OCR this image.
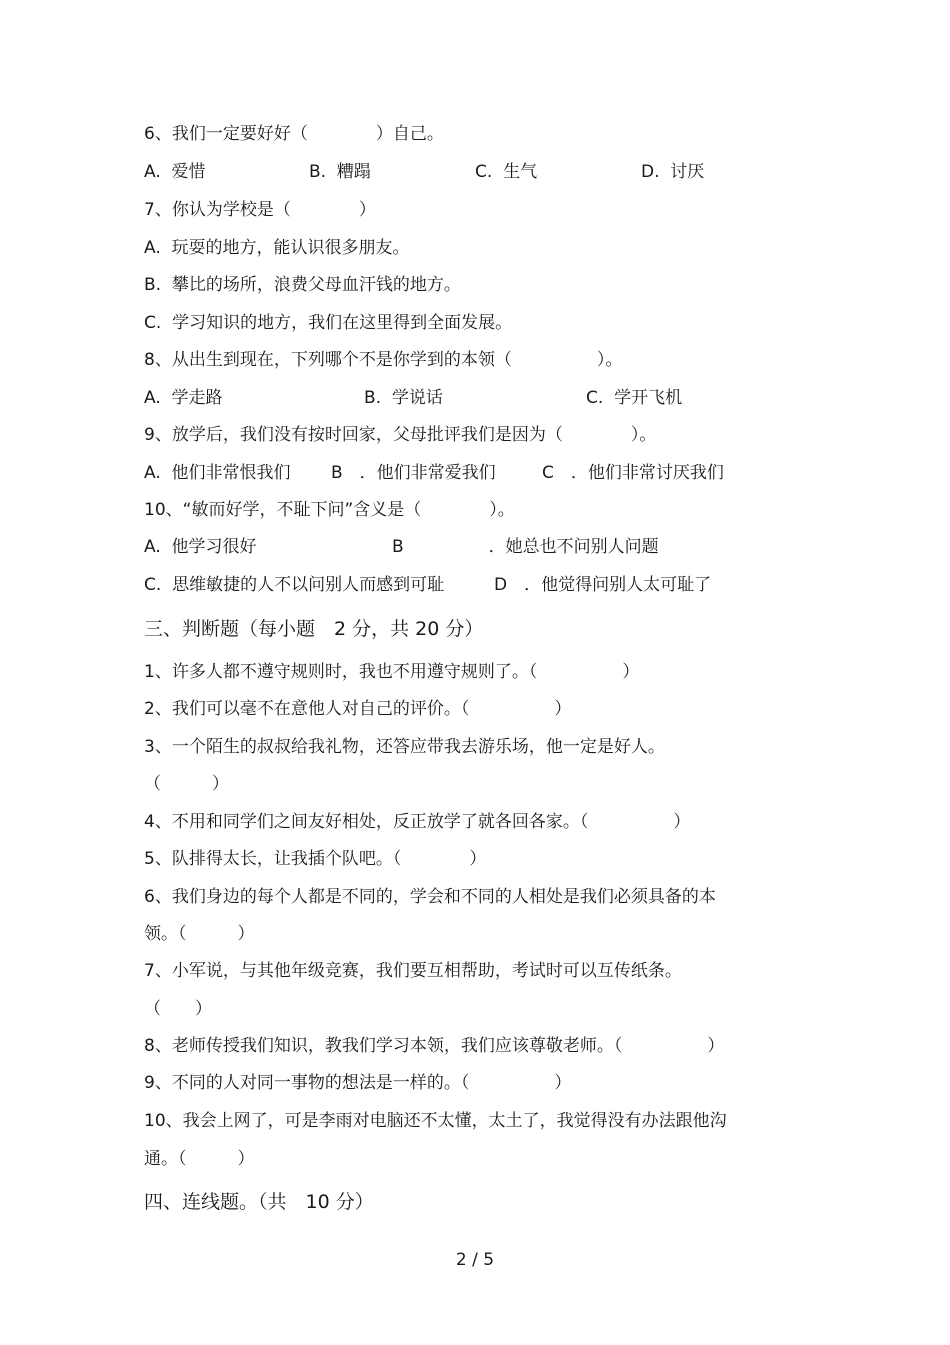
6、我们一定要好好（　　　　）自己。

A.  爱惜	B.  糟蹋	C.  生气	D.  讨厌

7、你认为学校是（　　　　）

A.  玩耍的地方，能认识很多朋友。

B.  攀比的场所，浪费父母血汗钱的地方。

C.  学习知识的地方，我们在这里得到全面发展。

8、从出生到现在，下列哪个不是你学到的本领（　　　　　）。

A.  学走路	B.  学说话	C.  学开飞机

9、放学后，我们没有按时回家，父母批评我们是因为（　　　　）。

A.  他们非常恨我们 B　．他们非常爱我们	C　．他们非常讨厌我们

10、“敏而好学，不耻下问”含义是（　　　　）。

A.  他学习很好	B　　　　　．她总也不问别人问题
C.  思维敏捷的人不以问别人而感到可耻	D　．他觉得问别人太可耻了

三、判断题（每小题　2 分，共 20 分）

1、许多人都不遵守规则时，我也不用遵守规则了。（　　　　　）

2、我们可以毫不在意他人对自己的评价。（　　　　　）

3、一个陌生的叔叔给我礼物，还答应带我去游乐场，他一定是好人。

（　　　）

4、不用和同学们之间友好相处，反正放学了就各回各家。（　　　　　）

5、队排得太长，让我插个队吧。（　　　　）

6、我们身边的每个人都是不同的，学会和不同的人相处是我们必须具备的本

领。（　　　）

7、小军说，与其他年级竞赛，我们要互相帮助，考试时可以互传纸条。

（　　）

8、老师传授我们知识，教我们学习本领，我们应该尊敬老师。（　　　　　）

9、不同的人对同一事物的想法是一样的。（　　　　　）

10、我会上网了，可是李雨对电脑还不太懂，太土了，我觉得没有办法跟他沟

通。（　　　）

四、连线题。（共　10 分）

2 / 5
